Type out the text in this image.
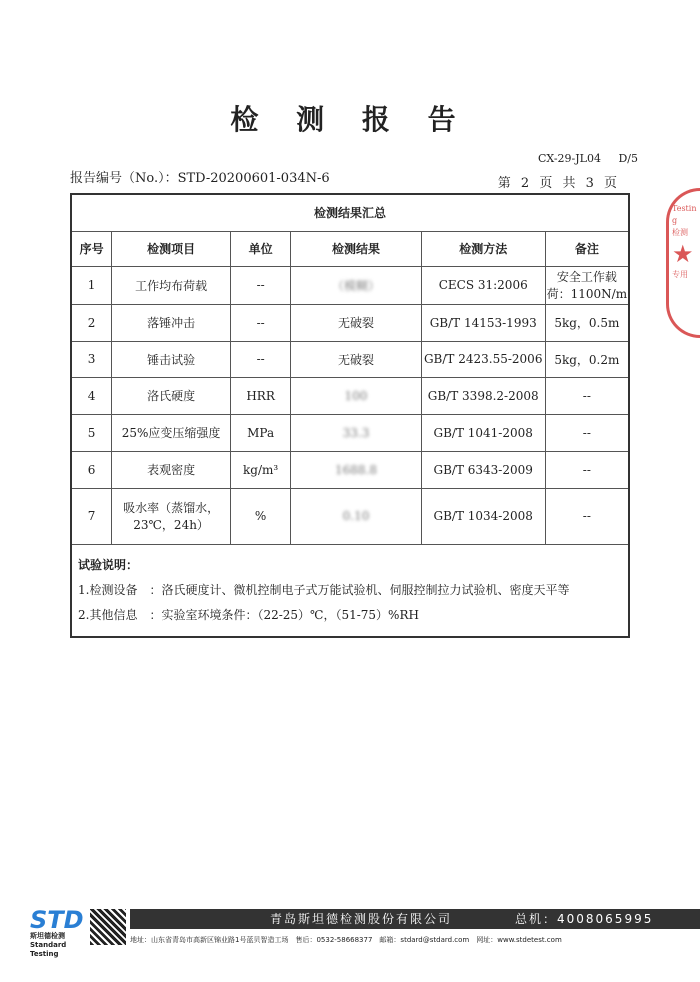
检 测 报 告
CX-29-JL04 D/5
报告编号（No.）：STD-20200601-034N-6	第 2 页 共 3 页
检测结果汇总					
序号	检测项目	单位	检测结果	检测方法	备注
1	工作均布荷载	--	（模糊）	CECS 31:2006	安全工作载荷：1100N/m
2	落锤冲击	--	无破裂	GB/T 14153-1993	5kg，0.5m
3	锤击试验	--	无破裂	GB/T 2423.55-2006	5kg，0.2m
4	洛氏硬度	HRR	100	GB/T 3398.2-2008	--
5	25%应变压缩强度	MPa	33.3	GB/T 1041-2008	--
6	表观密度	kg/m³	1688.8	GB/T 6343-2009	--
7	吸水率（蒸馏水，23℃，24h）	%	0.10	GB/T 1034-2008	--
试验说明：
1.检测设备　：洛氏硬度计、微机控制电子式万能试验机、伺服控制拉力试验机、密度天平等
2.其他信息　：实验室环境条件：（22-25）℃，（51-75）%RH					

Testing
检测
★
专用
STD
斯坦德检测 Standard Testing
青岛斯坦德检测股份有限公司	总机：4008065995
地址：山东省青岛市高新区锦业路1号蓝贝智造工场　售后：0532-58668377　邮箱：stdard@stdard.com　网址：www.stdetest.com
